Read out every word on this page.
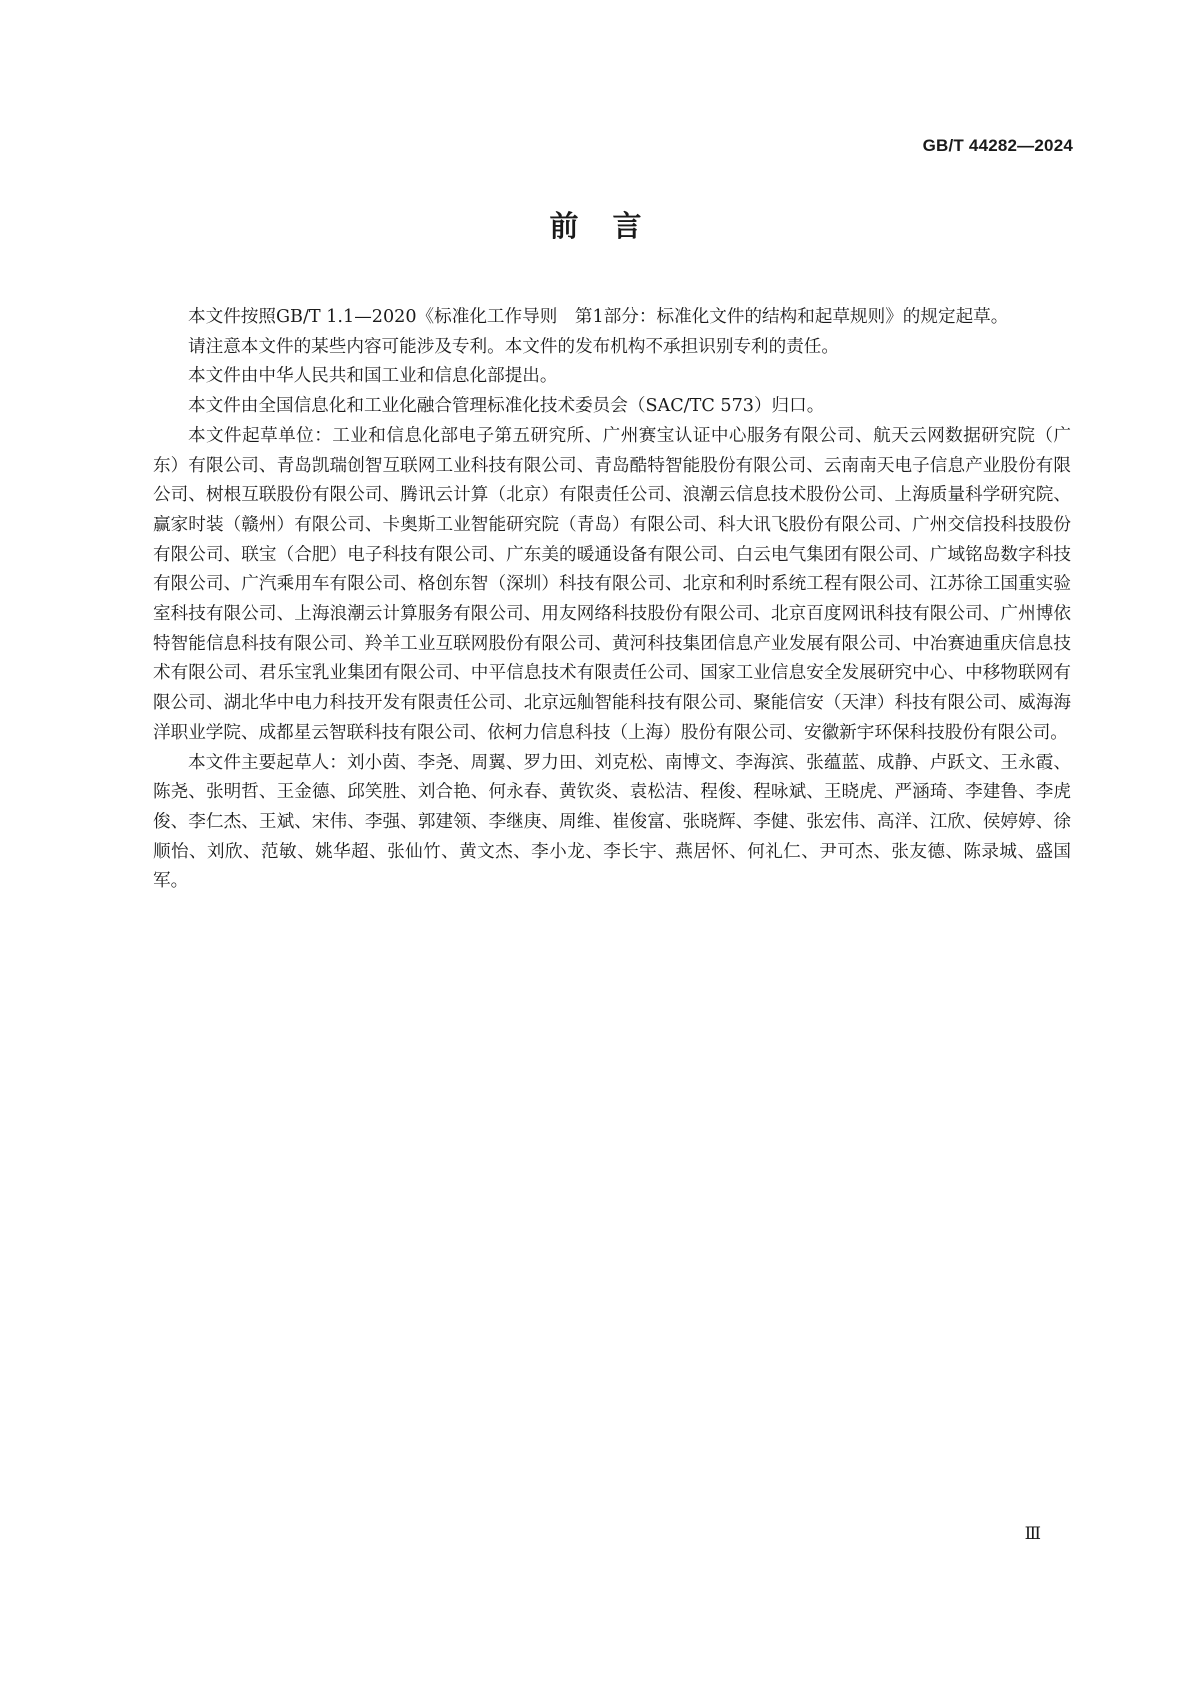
GB/T 44282—2024
前言

本文件按照GB/T 1.1—2020《标准化工作导则　第1部分：标准化文件的结构和起草规则》的规定起草。

请注意本文件的某些内容可能涉及专利。本文件的发布机构不承担识别专利的责任。

本文件由中华人民共和国工业和信息化部提出。

本文件由全国信息化和工业化融合管理标准化技术委员会（SAC/TC 573）归口。

本文件起草单位：工业和信息化部电子第五研究所、广州赛宝认证中心服务有限公司、航天云网数据研究院（广东）有限公司、青岛凯瑞创智互联网工业科技有限公司、青岛酷特智能股份有限公司、云南南天电子信息产业股份有限公司、树根互联股份有限公司、腾讯云计算（北京）有限责任公司、浪潮云信息技术股份公司、上海质量科学研究院、赢家时装（赣州）有限公司、卡奥斯工业智能研究院（青岛）有限公司、科大讯飞股份有限公司、广州交信投科技股份有限公司、联宝（合肥）电子科技有限公司、广东美的暖通设备有限公司、白云电气集团有限公司、广域铭岛数字科技有限公司、广汽乘用车有限公司、格创东智（深圳）科技有限公司、北京和利时系统工程有限公司、江苏徐工国重实验室科技有限公司、上海浪潮云计算服务有限公司、用友网络科技股份有限公司、北京百度网讯科技有限公司、广州博依特智能信息科技有限公司、羚羊工业互联网股份有限公司、黄河科技集团信息产业发展有限公司、中冶赛迪重庆信息技术有限公司、君乐宝乳业集团有限公司、中平信息技术有限责任公司、国家工业信息安全发展研究中心、中移物联网有限公司、湖北华中电力科技开发有限责任公司、北京远舢智能科技有限公司、聚能信安（天津）科技有限公司、威海海洋职业学院、成都星云智联科技有限公司、依柯力信息科技（上海）股份有限公司、安徽新宇环保科技股份有限公司。

本文件主要起草人：刘小茵、李尧、周翼、罗力田、刘克松、南博文、李海滨、张蕴蓝、成静、卢跃文、王永霞、陈尧、张明哲、王金德、邱笑胜、刘合艳、何永春、黄钦炎、袁松洁、程俊、程咏斌、王晓虎、严涵琦、李建鲁、李虎俊、李仁杰、王斌、宋伟、李强、郭建领、李继庚、周维、崔俊富、张晓辉、李健、张宏伟、高洋、江欣、侯婷婷、徐顺怡、刘欣、范敏、姚华超、张仙竹、黄文杰、李小龙、李长宇、燕居怀、何礼仁、尹可杰、张友德、陈录城、盛国军。

Ⅲ
